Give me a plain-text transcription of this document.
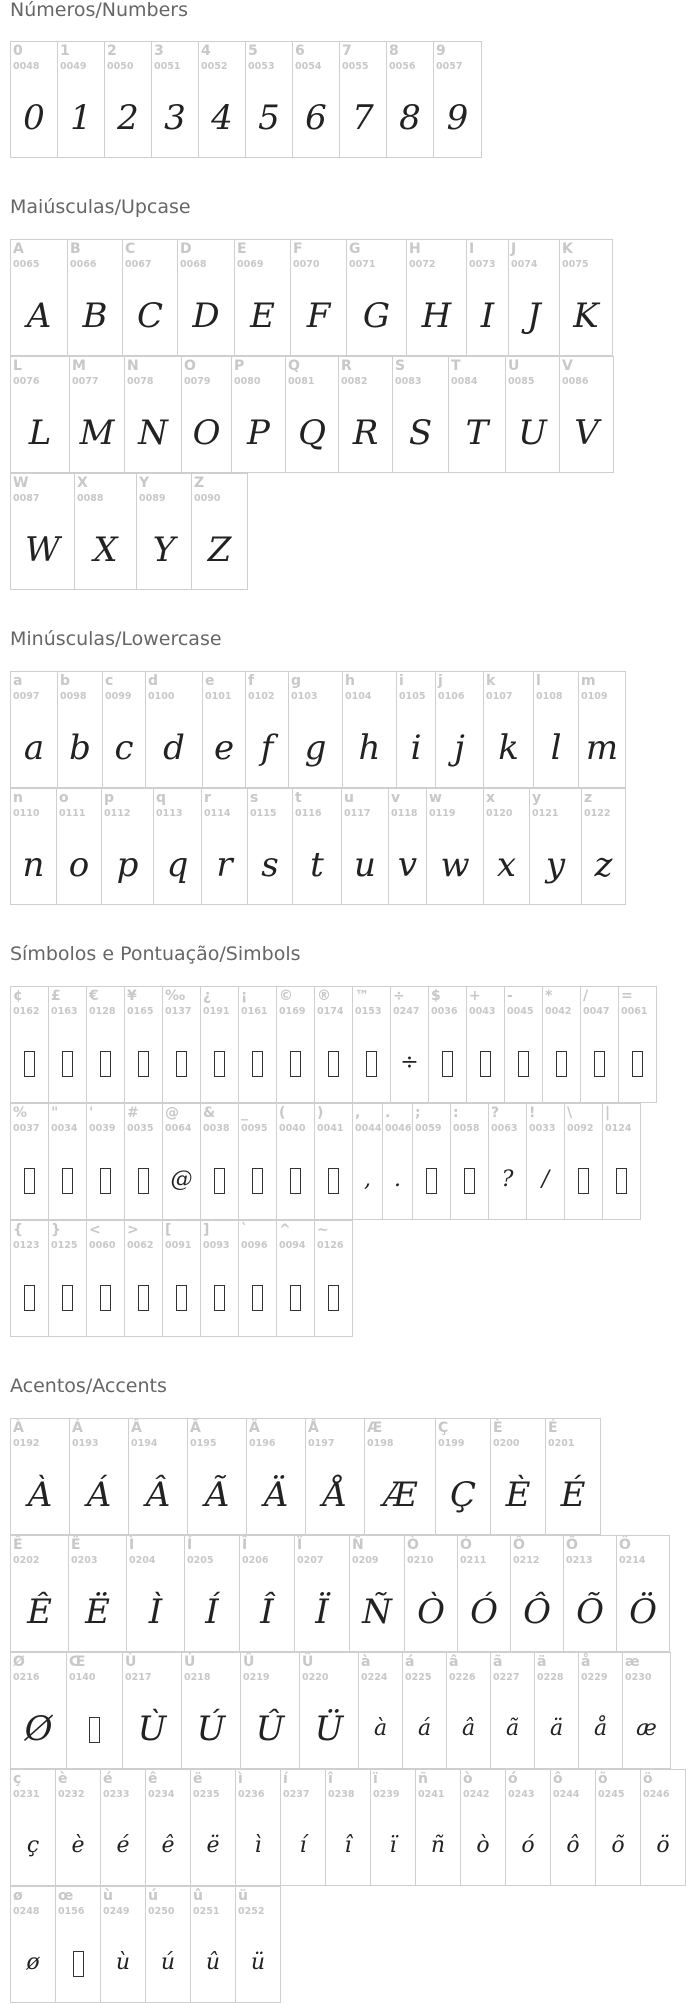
Números/Numbers
0
0048
0
1
0049
1
2
0050
2
3
0051
3
4
0052
4
5
0053
5
6
0054
6
7
0055
7
8
0056
8
9
0057
9
Maiúsculas/Upcase
A
0065
A
B
0066
B
C
0067
C
D
0068
D
E
0069
E
F
0070
F
G
0071
G
H
0072
H
I
0073
I
J
0074
J
K
0075
K
L
0076
L
M
0077
M
N
0078
N
O
0079
O
P
0080
P
Q
0081
Q
R
0082
R
S
0083
S
T
0084
T
U
0085
U
V
0086
V
W
0087
W
X
0088
X
Y
0089
Y
Z
0090
Z
Minúsculas/Lowercase
a
0097
a
b
0098
b
c
0099
c
d
0100
d
e
0101
e
f
0102
f
g
0103
g
h
0104
h
i
0105
i
j
0106
j
k
0107
k
l
0108
l
m
0109
m
n
0110
n
o
0111
o
p
0112
p
q
0113
q
r
0114
r
s
0115
s
t
0116
t
u
0117
u
v
0118
v
w
0119
w
x
0120
x
y
0121
y
z
0122
z
Símbolos e Pontuação/Simbols
¢
0162
£
0163
€
0128
¥
0165
‰
0137
¿
0191
¡
0161
©
0169
®
0174
™
0153
÷
0247
÷
$
0036
+
0043
-
0045
*
0042
/
0047
=
0061
%
0037
"
0034
'
0039
#
0035
@
0064
@
&
0038
_
0095
(
0040
)
0041
,
0044
,
.
0046
.
;
0059
:
0058
?
0063
?
!
0033
/
\
0092
|
0124
{
0123
}
0125
<
0060
>
0062
[
0091
]
0093
`
0096
^
0094
~
0126
Acentos/Accents
À
0192
À
Á
0193
Á
Â
0194
Â
Ã
0195
Ã
Ä
0196
Ä
Å
0197
Å
Æ
0198
Æ
Ç
0199
Ç
È
0200
È
É
0201
É
Ê
0202
Ê
Ë
0203
Ë
Ì
0204
Ì
Í
0205
Í
Î
0206
Î
Ï
0207
Ï
Ñ
0209
Ñ
Ò
0210
Ò
Ó
0211
Ó
Ô
0212
Ô
Õ
0213
Õ
Ö
0214
Ö
Ø
0216
Ø
Œ
0140
Ù
0217
Ù
Ú
0218
Ú
Û
0219
Û
Ü
0220
Ü
à
0224
à
á
0225
á
â
0226
â
ã
0227
ã
ä
0228
ä
å
0229
å
æ
0230
æ
ç
0231
ç
è
0232
è
é
0233
é
ê
0234
ê
ë
0235
ë
ì
0236
ì
í
0237
í
î
0238
î
ï
0239
ï
ñ
0241
ñ
ò
0242
ò
ó
0243
ó
ô
0244
ô
õ
0245
õ
ö
0246
ö
ø
0248
ø
œ
0156
ù
0249
ù
ú
0250
ú
û
0251
û
ü
0252
ü
